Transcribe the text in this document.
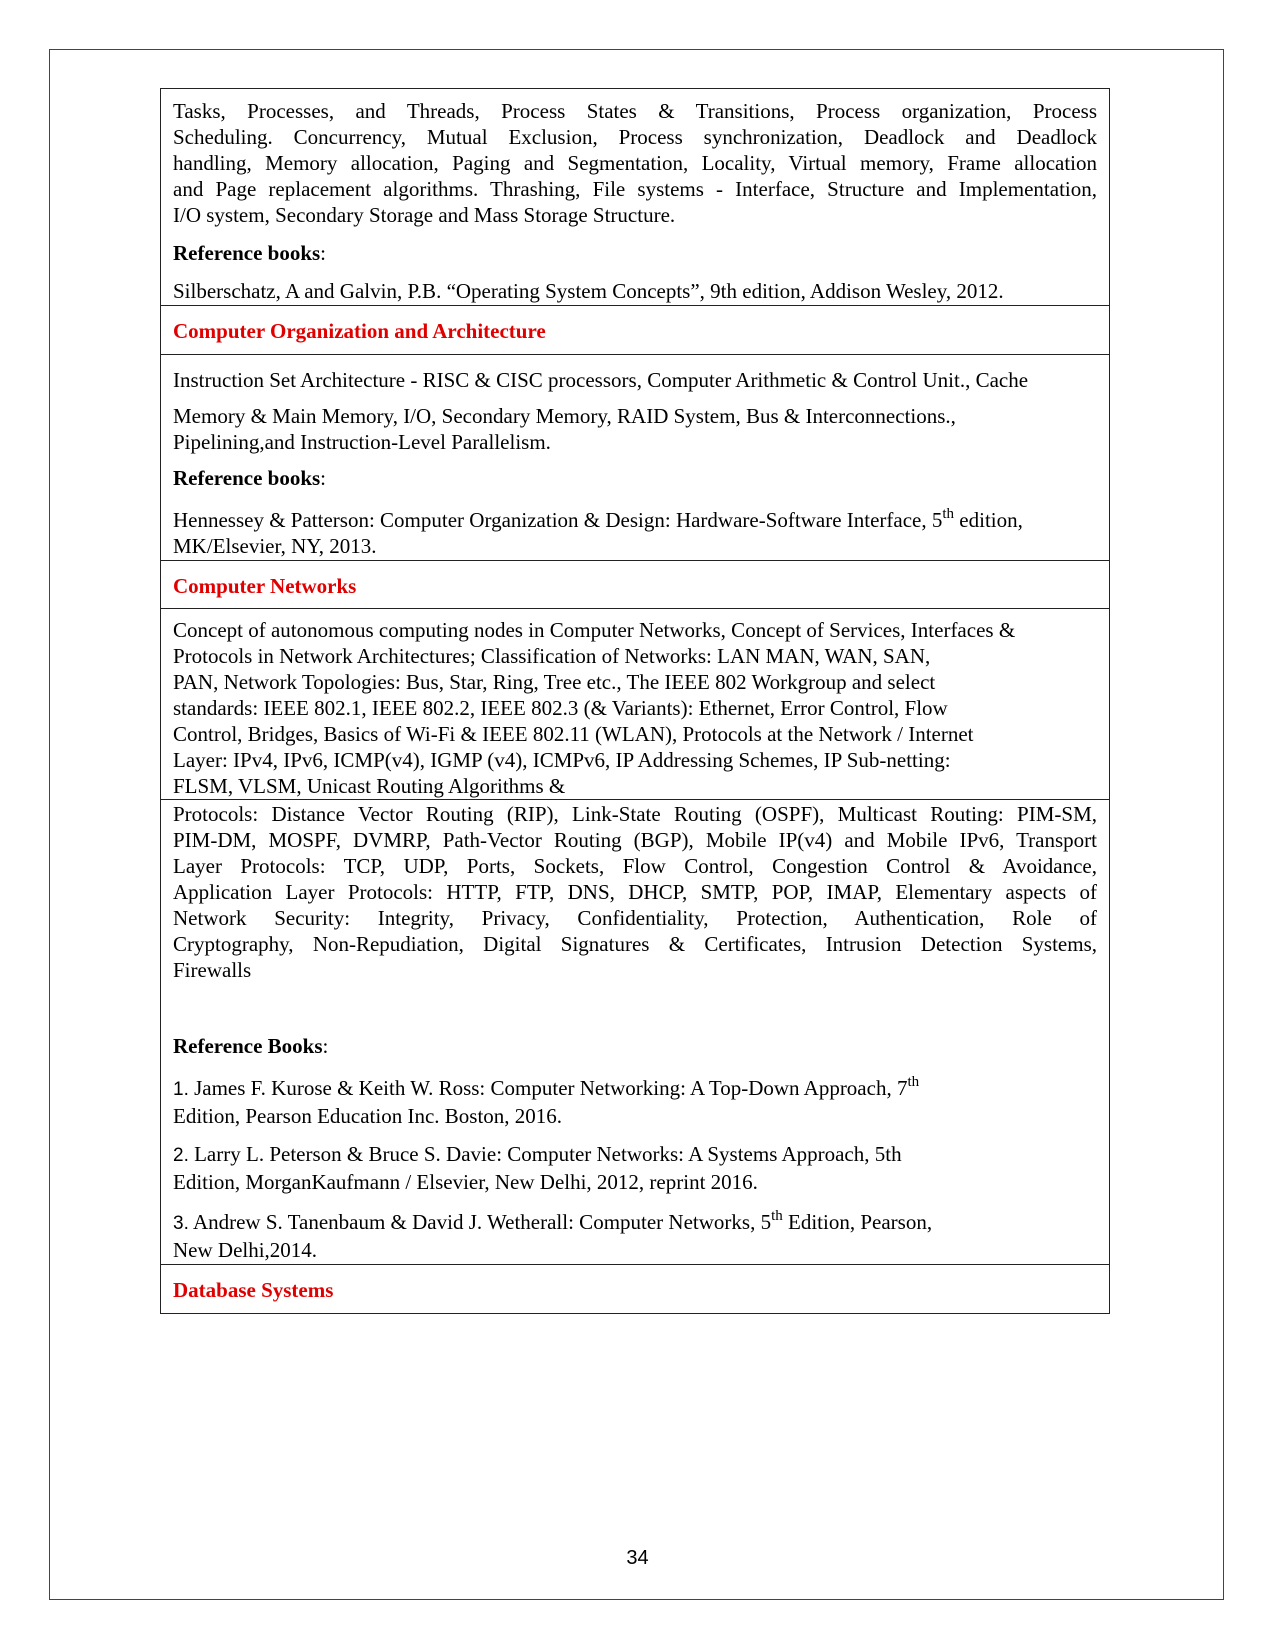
Tasks, Processes, and Threads, Process States & Transitions, Process organization, Process

Scheduling. Concurrency, Mutual Exclusion, Process synchronization, Deadlock and Deadlock

handling, Memory allocation, Paging and Segmentation, Locality, Virtual memory, Frame allocation

and Page replacement algorithms. Thrashing, File systems - Interface, Structure and Implementation,

I/O system, Secondary Storage and Mass Storage Structure.

Reference books:

Silberschatz, A and Galvin, P.B. “Operating System Concepts”, 9th edition, Addison Wesley, 2012.

Computer Organization and Architecture

Instruction Set Architecture - RISC & CISC processors, Computer Arithmetic & Control Unit., Cache

Memory & Main Memory, I/O, Secondary Memory, RAID System, Bus & Interconnections.,

Pipelining,and Instruction-Level Parallelism.

Reference books:

Hennessey & Patterson: Computer Organization & Design: Hardware-Software Interface, 5th edition,

MK/Elsevier, NY, 2013.

Computer Networks

Concept of autonomous computing nodes in Computer Networks, Concept of Services, Interfaces &

Protocols in Network Architectures; Classification of Networks: LAN MAN, WAN, SAN,

PAN, Network Topologies: Bus, Star, Ring, Tree etc., The IEEE 802 Workgroup and select

standards: IEEE 802.1, IEEE 802.2, IEEE 802.3 (& Variants): Ethernet, Error Control, Flow

Control, Bridges, Basics of Wi-Fi & IEEE 802.11 (WLAN), Protocols at the Network / Internet

Layer: IPv4, IPv6, ICMP(v4), IGMP (v4), ICMPv6, IP Addressing Schemes, IP Sub-netting:

FLSM, VLSM, Unicast Routing Algorithms &

Protocols: Distance Vector Routing (RIP), Link-State Routing (OSPF), Multicast Routing: PIM-SM,

PIM-DM, MOSPF, DVMRP, Path-Vector Routing (BGP), Mobile IP(v4) and Mobile IPv6, Transport

Layer Protocols: TCP, UDP, Ports, Sockets, Flow Control, Congestion Control & Avoidance,

Application Layer Protocols: HTTP, FTP, DNS, DHCP, SMTP, POP, IMAP, Elementary aspects of

Network Security: Integrity, Privacy, Confidentiality, Protection, Authentication, Role of

Cryptography, Non-Repudiation, Digital Signatures & Certificates, Intrusion Detection Systems,

Firewalls

Reference Books:

1. James F. Kurose & Keith W. Ross: Computer Networking: A Top-Down Approach, 7th

Edition, Pearson Education Inc. Boston, 2016.

2. Larry L. Peterson & Bruce S. Davie: Computer Networks: A Systems Approach, 5th

Edition, MorganKaufmann / Elsevier, New Delhi, 2012, reprint 2016.

3. Andrew S. Tanenbaum & David J. Wetherall: Computer Networks, 5th Edition, Pearson,

New Delhi,2014.

Database Systems
34
